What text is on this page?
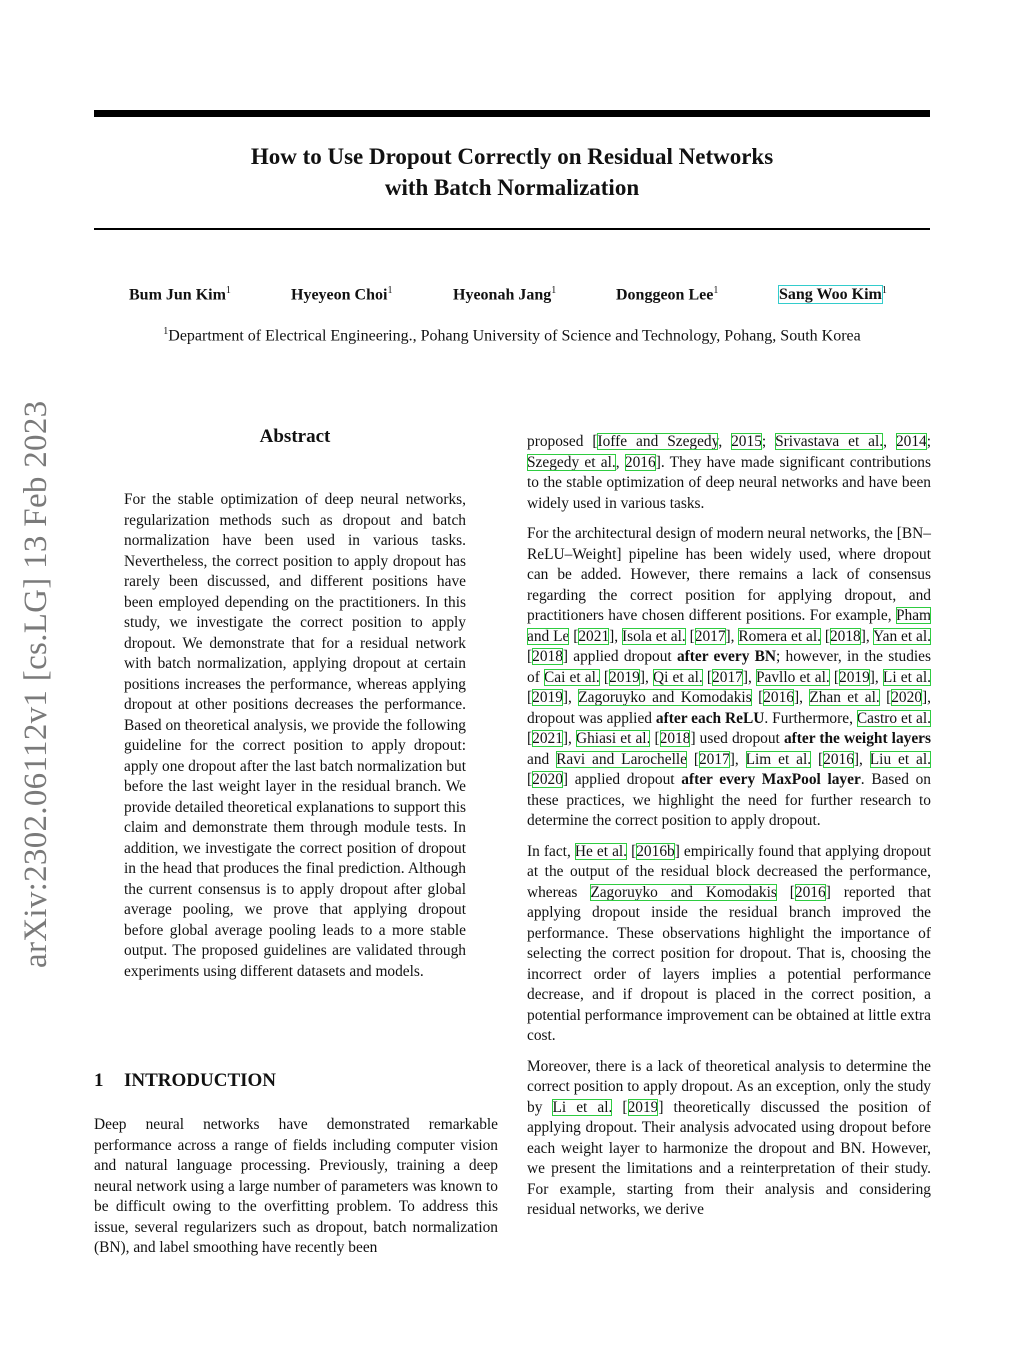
How to Use Dropout Correctly on Residual Networks
with Batch Normalization
Bum Jun Kim$^1$	Hyeyeon Choi$^1$	Hyeonah Jang$^1$	Donggeon Lee$^1$	Sang Woo Kim$^1$
$^1$Department of Electrical Engineering., Pohang University of Science and Technology, Pohang, South Korea
arXiv:2302.06112v1 [cs.LG] 13 Feb 2023	Abstract

For the stable optimization of deep neural networks, regularization methods such as dropout and batch normalization have been used in various tasks. Nevertheless, the correct position to apply dropout has rarely been discussed, and different positions have been employed depending on the practitioners. In this study, we investigate the correct position to apply dropout. We demonstrate that for a residual network with batch normalization, applying dropout at certain positions increases the performance, whereas applying dropout at other positions decreases the performance. Based on theoretical analysis, we provide the following guideline for the correct position to apply dropout: apply one dropout after the last batch normalization but before the last weight layer in the residual branch. We provide detailed theoretical explanations to support this claim and demonstrate them through module tests. In addition, we investigate the correct position of dropout in the head that produces the final prediction. Although the current consensus is to apply dropout after global average pooling, we prove that applying dropout before global average pooling leads to a more stable output. The proposed guidelines are validated through experiments using different datasets and models.

1 INTRODUCTION

Deep neural networks have demonstrated remarkable performance across a range of fields including computer vision and natural language processing. Previously, training a deep neural network using a large number of parameters was known to be difficult owing to the overfitting problem. To address this issue, several regularizers such as dropout, batch normalization (BN), and label smoothing have recently been

proposed [Ioffe and Szegedy, 2015; Srivastava et al., 2014; Szegedy et al., 2016]. They have made significant contributions to the stable optimization of deep neural networks and have been widely used in various tasks.

For the architectural design of modern neural networks, the [BN–ReLU–Weight] pipeline has been widely used, where dropout can be added. However, there remains a lack of consensus regarding the correct position for applying dropout, and practitioners have chosen different positions. For example, Pham and Le [2021], Isola et al. [2017], Romera et al. [2018], Yan et al. [2018] applied dropout after every BN; however, in the studies of Cai et al. [2019], Qi et al. [2017], Pavllo et al. [2019], Li et al. [2019], Zagoruyko and Komodakis [2016], Zhan et al. [2020], dropout was applied after each ReLU. Furthermore, Castro et al. [2021], Ghiasi et al. [2018] used dropout after the weight layers and Ravi and Larochelle [2017], Lim et al. [2016], Liu et al. [2020] applied dropout after every MaxPool layer. Based on these practices, we highlight the need for further research to determine the correct position to apply dropout.

In fact, He et al. [2016b] empirically found that applying dropout at the output of the residual block decreased the performance, whereas Zagoruyko and Komodakis [2016] reported that applying dropout inside the residual branch improved the performance. These observations highlight the importance of selecting the correct position for dropout. That is, choosing the incorrect order of layers implies a potential performance decrease, and if dropout is placed in the correct position, a potential performance improvement can be obtained at little extra cost.

Moreover, there is a lack of theoretical analysis to determine the correct position to apply dropout. As an exception, only the study by Li et al. [2019] theoretically discussed the position of applying dropout. Their analysis advocated using dropout before each weight layer to harmonize the dropout and BN. However, we present the limitations and a reinterpretation of their study. For example, starting from their analysis and considering residual networks, we derive
